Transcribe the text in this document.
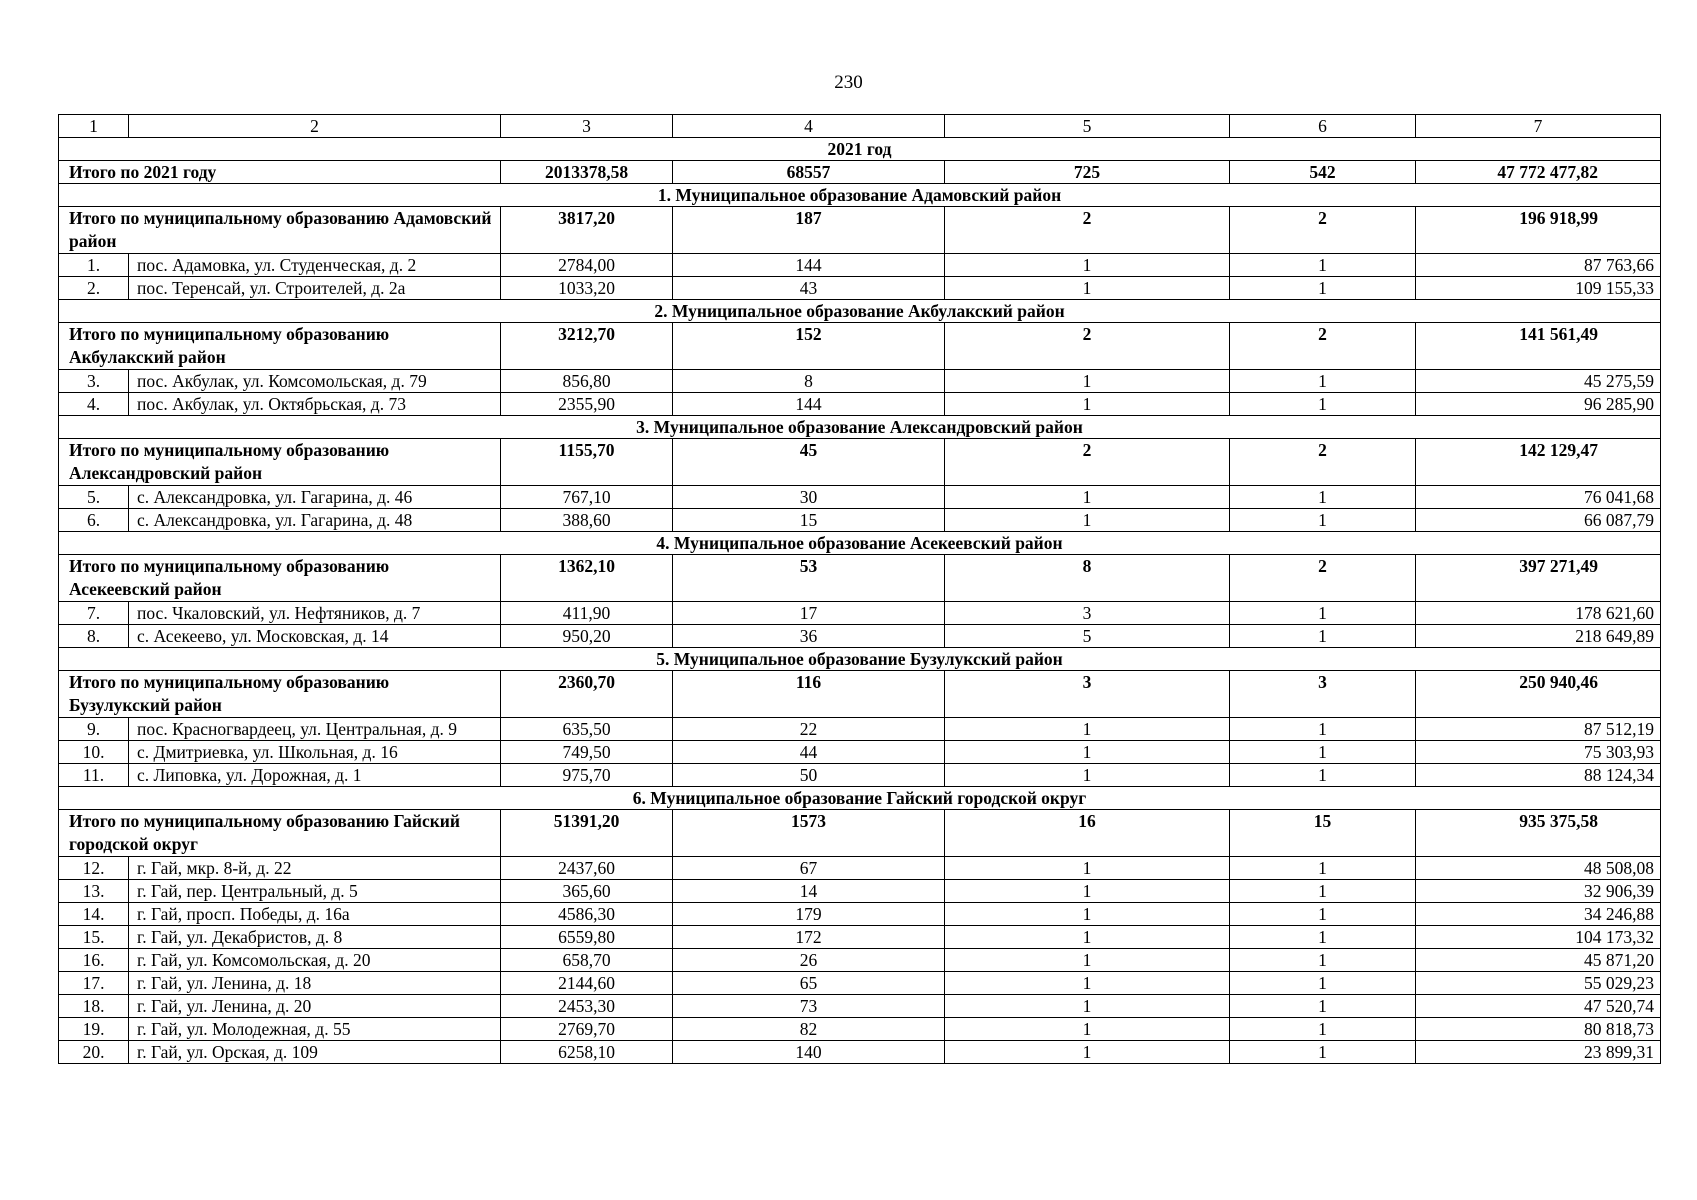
230
1	2	3	4	5	6	7
2021 год						
Итого по 2021 году		2013378,58	68557	725	542	47 772 477,82
1. Муниципальное образование Адамовский район						
Итого по муниципальному образованию Адамовский район		3817,20	187	2	2	196 918,99
1.	пос. Адамовка, ул. Студенческая, д. 2	2784,00	144	1	1	87 763,66
2.	пос. Теренсай, ул. Строителей, д. 2а	1033,20	43	1	1	109 155,33
2. Муниципальное образование Акбулакский район						
Итого по муниципальному образованию Акбулакский район		3212,70	152	2	2	141 561,49
3.	пос. Акбулак, ул. Комсомольская, д. 79	856,80	8	1	1	45 275,59
4.	пос. Акбулак, ул. Октябрьская, д. 73	2355,90	144	1	1	96 285,90
3. Муниципальное образование Александровский район						
Итого по муниципальному образованию Александровский район		1155,70	45	2	2	142 129,47
5.	с. Александровка, ул. Гагарина, д. 46	767,10	30	1	1	76 041,68
6.	с. Александровка, ул. Гагарина, д. 48	388,60	15	1	1	66 087,79
4. Муниципальное образование Асекеевский район						
Итого по муниципальному образованию Асекеевский район		1362,10	53	8	2	397 271,49
7.	пос. Чкаловский, ул. Нефтяников, д. 7	411,90	17	3	1	178 621,60
8.	с. Асекеево, ул. Московская, д. 14	950,20	36	5	1	218 649,89
5. Муниципальное образование Бузулукский район						
Итого по муниципальному образованию Бузулукский район		2360,70	116	3	3	250 940,46
9.	пос. Красногвардеец, ул. Центральная, д. 9	635,50	22	1	1	87 512,19
10.	с. Дмитриевка, ул. Школьная, д. 16	749,50	44	1	1	75 303,93
11.	с. Липовка, ул. Дорожная, д. 1	975,70	50	1	1	88 124,34
6. Муниципальное образование Гайский городской округ						
Итого по муниципальному образованию Гайский городской округ		51391,20	1573	16	15	935 375,58
12.	г. Гай, мкр. 8-й, д. 22	2437,60	67	1	1	48 508,08
13.	г. Гай, пер. Центральный, д. 5	365,60	14	1	1	32 906,39
14.	г. Гай, просп. Победы, д. 16а	4586,30	179	1	1	34 246,88
15.	г. Гай, ул. Декабристов, д. 8	6559,80	172	1	1	104 173,32
16.	г. Гай, ул. Комсомольская, д. 20	658,70	26	1	1	45 871,20
17.	г. Гай, ул. Ленина, д. 18	2144,60	65	1	1	55 029,23
18.	г. Гай, ул. Ленина, д. 20	2453,30	73	1	1	47 520,74
19.	г. Гай, ул. Молодежная, д. 55	2769,70	82	1	1	80 818,73
20.	г. Гай, ул. Орская, д. 109	6258,10	140	1	1	23 899,31
